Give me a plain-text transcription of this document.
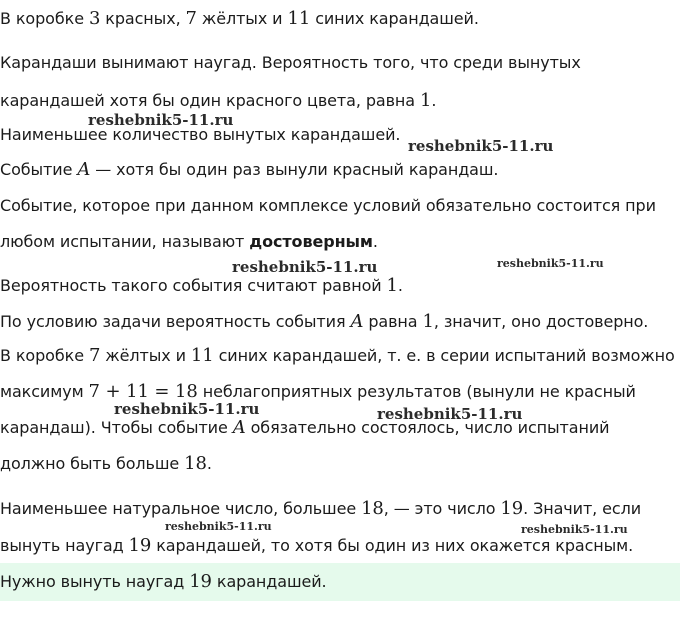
В коробке 3 красных, 7 жёлтых и 11 синих карандашей.
Карандаши вынимают наугад. Вероятность того, что среди вынутых
карандашей хотя бы один красного цвета, равна 1.
Наименьшее количество вынутых карандашей.
Событие A — хотя бы один раз вынули красный карандаш.
Событие, которое при данном комплексе условий обязательно состоится при
любом испытании, называют достоверным.
Вероятность такого события считают равной 1.
По условию задачи вероятность события A равна 1, значит, оно достоверно.
В коробке 7 жёлтых и 11 синих карандашей, т. е. в серии испытаний возможно
максимум 7 + 11 = 18 неблагоприятных результатов (вынули не красный
карандаш). Чтобы событие A обязательно состоялось, число испытаний
должно быть больше 18.
Наименьшее натуральное число, большее 18, — это число 19. Значит, если
вынуть наугад 19 карандашей, то хотя бы один из них окажется красным.
Нужно вынуть наугад 19 карандашей.
reshebnik5-11.ru
reshebnik5-11.ru
reshebnik5-11.ru	reshebnik5-11.ru
reshebnik5-11.ru	reshebnik5-11.ru
reshebnik5-11.ru	reshebnik5-11.ru
